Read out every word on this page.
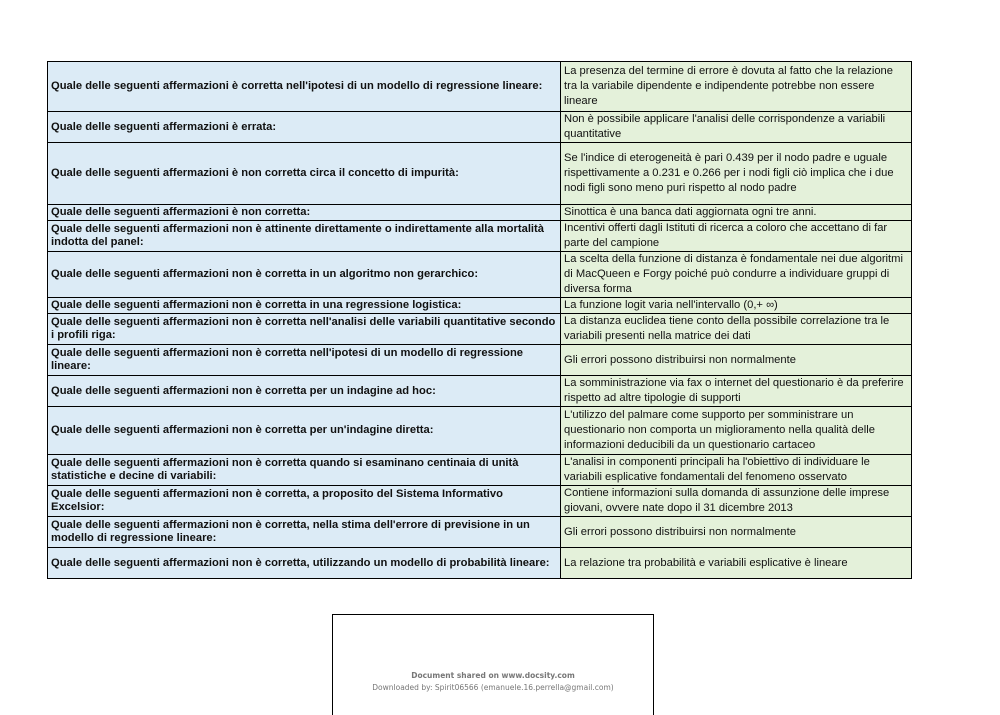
Quale delle seguenti affermazioni è corretta nell'ipotesi di un modello di regressione lineare:	La presenza del termine di errore è dovuta al fatto che la relazione tra la variabile dipendente e indipendente potrebbe non essere lineare
Quale delle seguenti affermazioni è errata:	Non è possibile applicare l'analisi delle corrispondenze a variabili quantitative
Quale delle seguenti affermazioni è non corretta circa il concetto di impurità:	Se l'indice di eterogeneità è pari 0.439 per il nodo padre e uguale rispettivamente a 0.231 e 0.266 per i nodi figli ciò implica che i due nodi figli sono meno puri rispetto al nodo padre
Quale delle seguenti affermazioni è non corretta:	Sinottica è una banca dati aggiornata ogni tre anni.
Quale delle seguenti affermazioni non è attinente direttamente o indirettamente alla mortalità indotta del panel:	Incentivi offerti dagli Istituti di ricerca a coloro che accettano di far parte del campione
Quale delle seguenti affermazioni non è corretta in un algoritmo non gerarchico:	La scelta della funzione di distanza è fondamentale nei due algoritmi di MacQueen e Forgy poiché può condurre a individuare gruppi di diversa forma
Quale delle seguenti affermazioni non è corretta in una regressione logistica:	La funzione logit varia nell'intervallo (0,+ ∞)
Quale delle seguenti affermazioni non è corretta nell'analisi delle variabili quantitative secondo i profili riga:	La distanza euclidea tiene conto della possibile correlazione tra le variabili presenti nella matrice dei dati
Quale delle seguenti affermazioni non è corretta nell'ipotesi di un modello di regressione lineare:	Gli errori possono distribuirsi non normalmente
Quale delle seguenti affermazioni non è corretta per un indagine ad hoc:	La somministrazione via fax o internet del questionario è da preferire rispetto ad altre tipologie di supporti
Quale delle seguenti affermazioni non è corretta per un'indagine diretta:	L'utilizzo del palmare come supporto per somministrare un questionario non comporta un miglioramento nella qualità delle informazioni deducibili da un questionario cartaceo
Quale delle seguenti affermazioni non è corretta quando si esaminano centinaia di unità statistiche e decine di variabili:	L'analisi in componenti principali ha l'obiettivo di individuare le variabili esplicative fondamentali del fenomeno osservato
Quale delle seguenti affermazioni non è corretta, a proposito del Sistema Informativo Excelsior:	Contiene informazioni sulla domanda di assunzione delle imprese giovani, ovvere nate dopo il 31 dicembre 2013
Quale delle seguenti affermazioni non è corretta, nella stima dell'errore di previsione in un modello di regressione lineare:	Gli errori possono distribuirsi non normalmente
Quale delle seguenti affermazioni non è corretta, utilizzando un modello di probabilità lineare:	La relazione tra probabilità e variabili esplicative è lineare
Document shared on www.docsity.com
Downloaded by: Spirit06566 (emanuele.16.perrella@gmail.com)
